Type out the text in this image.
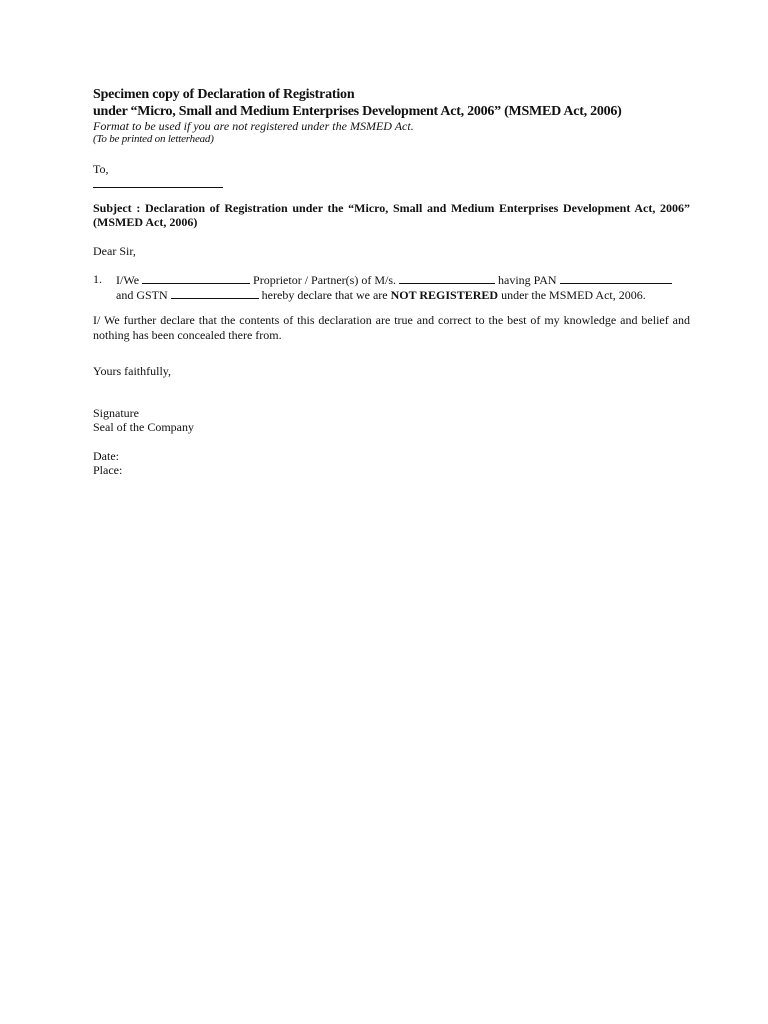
Specimen copy of Declaration of Registration
under “Micro, Small and Medium Enterprises Development Act, 2006” (MSMED Act, 2006)
Format to be used if you are not registered under the MSMED Act.
(To be printed on letterhead)
To,
Subject : Declaration of Registration under the “Micro, Small and Medium Enterprises Development Act, 2006” (MSMED Act, 2006)
Dear Sir,
1.	I/We	Proprietor / Partner(s) of M/s.	having PAN
and GSTN	hereby declare that we are
NOT REGISTERED
under the MSMED Act, 2006.
I/ We further declare that the contents of this declaration are true and correct to the best of my knowledge and belief and nothing has been concealed there from.
Yours faithfully,
Signature
Seal of the Company
Date:
Place:
